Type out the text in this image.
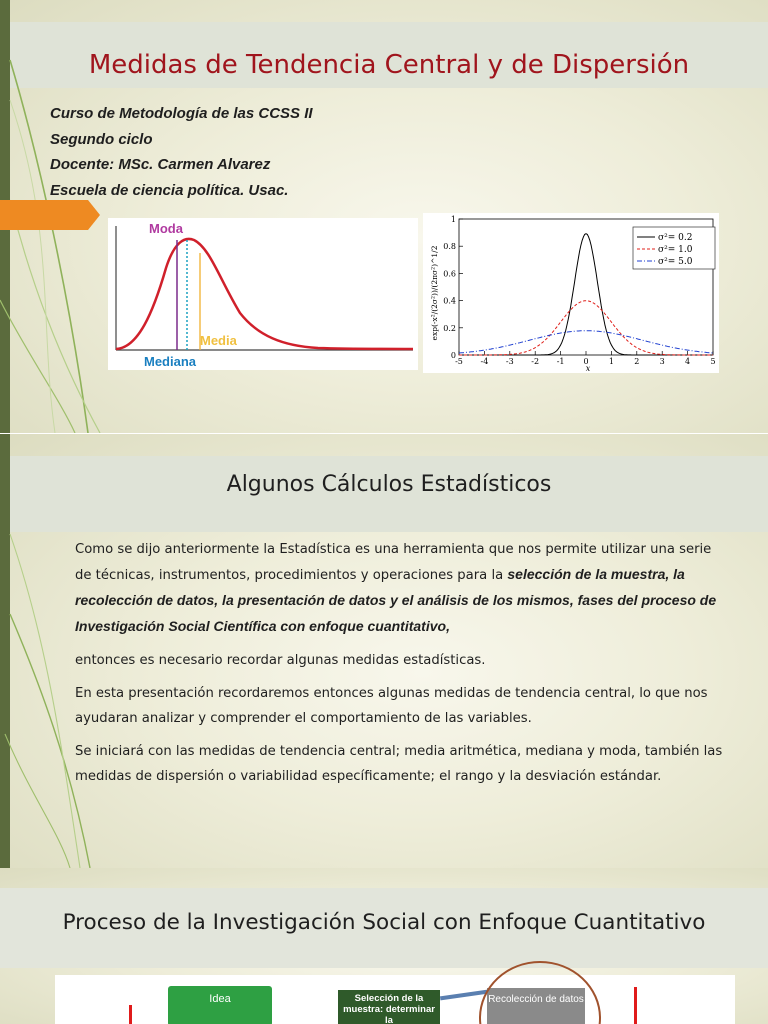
Medidas de Tendencia Central y de Dispersión
Curso de Metodología de las CCSS II
Segundo ciclo
Docente: MSc. Carmen Alvarez
Escuela de ciencia política. Usac.
Moda
Media
Mediana	0
0.2
0.4
0.6
0.8
1
-5 -4 -3 -2 -1 0	1	2	3	4	5
σ²= 0.2
σ²= 1.0
σ²= 5.0
exp(-x²/(2σ²))/(2πσ²)^1/2
x
Algunos Cálculos Estadísticos

Como se dijo anteriormente la Estadística es una herramienta que nos permite utilizar una serie de técnicas, instrumentos, procedimientos y operaciones para la selección de la muestra, la recolección de datos, la presentación de datos y el análisis de los mismos, fases del proceso de Investigación Social Científica con enfoque cuantitativo,

entonces es necesario recordar algunas medidas estadísticas.

En esta presentación recordaremos entonces algunas medidas de tendencia central, lo que nos ayudaran analizar y comprender el comportamiento de las variables.

Se iniciará con las medidas de tendencia central; media aritmética, mediana y moda, también las medidas de dispersión o variabilidad específicamente; el rango y la desviación estándar.

Proceso de la Investigación Social con Enfoque Cuantitativo
Idea	Selección de la muestra: determinar la
Recolección de datos
